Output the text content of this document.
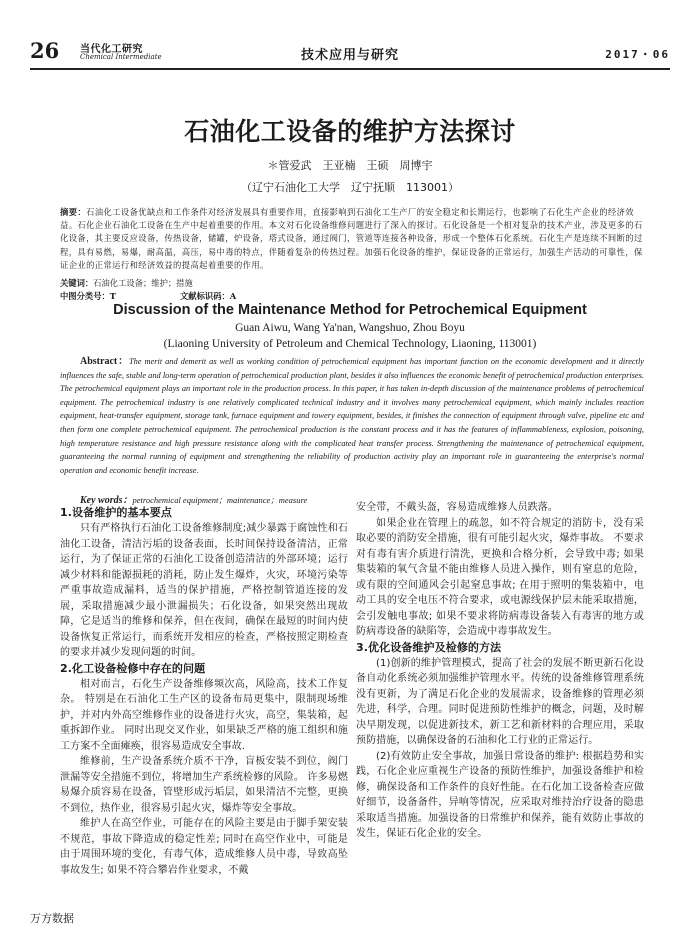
26 当代化工研究
Chemical Intermediate	技术应用与研究	2017・06
石油化工设备的维护方法探讨
＊管爱武　王亚楠　王硕　周博宇
（辽宁石油化工大学　辽宁抚顺　113001）
摘要：石油化工设备优缺点和工作条件对经济发展具有重要作用，直接影响到石油化工生产厂的安全稳定和长期运行，也影响了石化生产企业的经济效益。石化企业石油化工设备在生产中起着重要的作用。本文对石化设备维修问题进行了深入的探讨。石化设备是一个相对复杂的技术产业，涉及更多的石化设备，其主要反应设备，传热设备，储罐，炉设备，塔式设备，通过阀门，管道等连接各种设备，形成一个整体石化系统。石化生产是连续不间断的过程，具有易燃，易爆，耐高温，高压，易中毒的特点，伴随着复杂的传热过程。加强石化设备的维护，保证设备的正常运行，加强生产活动的可靠性，保证企业的正常运行和经济效益的提高起着重要的作用。
关键词：石油化工设备；维护；措施
中图分类号：T	文献标识码：A
Discussion of the Maintenance Method for Petrochemical Equipment
Guan Aiwu, Wang Ya'nan, Wangshuo, Zhou Boyu
(Liaoning University of Petroleum and Chemical Technology, Liaoning, 113001)
Abstract：The merit and demerit as well as working condition of petrochemical equipment has important function on the economic development and it directly influences the safe, stable and long-term operation of petrochemical production plant, besides it also influences the economic benefit of petrochemical production enterprises. The petrochemical equipment plays an important role in the production process. In this paper, it has taken in-depth discussion of the maintenance problems of petrochemical equipment. The petrochemical industry is one relatively complicated technical industry and it involves many petrochemical equipment, which mainly includes reaction equipment, heat-transfer equipment, storage tank, furnace equipment and towery equipment, besides, it finishes the connection of equipment through valve, pipeline etc and then form one complete petrochemical equipment. The petrochemical production is the constant process and it has the features of inflammableness, explosion, poisoning, high temperature resistance and high pressure resistance along with the complicated heat transfer process. Strengthening the maintenance of petrochemical equipment, guaranteeing the normal running of equipment and strengthening the reliability of production activity play an important role in guaranteeing the enterprise's normal operation and economic benefit increase.
Key words：petrochemical equipment；maintenance；measure
1.设备维护的基本要点

只有严格执行石油化工设备维修制度;减少暴露于腐蚀性和石油化工设备，清洁污垢的设备表面，长时间保持设备清洁，正常运行，为了保证正常的石油化工设备创造清洁的外部环境；运行减少材料和能源损耗的消耗，防止发生爆炸，火灾，环境污染等严重事故造成漏料，适当的保护措施，严格控制管道连接的发展，采取措施减少最小泄漏损失；石化设备，如果突然出现故障，它是适当的维修和保养，但在夜间，确保在最短的时间内使设备恢复正常运行，而系统开发相应的检查，严格按照定期检查的要求并减少发现问题的时间。

2.化工设备检修中存在的问题

相对而言，石化生产设备维修频次高，风险高，技术工作复杂。 特别是在石油化工生产区的设备布局更集中，限制现场维护，并对内外高空维修作业的设备进行火灾，高空，集装箱，起重拆卸作业。 同时出现交叉作业，如果缺乏严格的施工组织和施工方案不全面瘫痪，很容易造成安全事故.

维修前，生产设备系统介质不干净，盲板安装不到位，阀门泄漏等安全措施不到位，将增加生产系统检修的风险。 许多易燃易爆介质容易在设备，管壁形成污垢层，如果清洁不完整，更换不到位，热作业，很容易引起火灾，爆炸等安全事故。

维护人在高空作业，可能存在的风险主要是由于脚手架安装不规范，事故下降造成的稳定性差; 同时在高空作业中，可能是由于周围环境的变化，有毒气体，造成维修人员中毒，导致高坠事故发生; 如果不符合攀岩作业要求，不戴

安全带，不戴头盔，容易造成维修人员跌落。

如果企业在管理上的疏忽，如不符合规定的消防卡，没有采取必要的消防安全措施，很有可能引起火灾，爆炸事故。 不要求对有毒有害介质进行清洗，更换和合格分析，会导致中毒; 如果集装箱的氧气含量不能由维修人员进入操作，则有窒息的危险，或有限的空间通风会引起窒息事故; 在用于照明的集装箱中，电动工具的安全电压不符合要求，或电源线保护层未能采取措施，会引发触电事故; 如果不要求将防病毒设备装入有毒害的地方或防病毒设备的缺陷等，会造成中毒事故发生。

3.优化设备维护及检修的方法

(1)创新的维护管理模式，提高了社会的发展不断更新石化设备自动化系统必须加强维护管理水平。传统的设备维修管理系统没有更新，为了满足石化企业的发展需求，设备维修的管理必须先进，科学，合理。同时促进预防性维护的概念，问题，及时解决早期发现，以促进新技术，新工艺和新材料的合理应用，采取预防措施，以确保设备的石油和化工行业的正常运行。

(2)有效防止安全事故，加强日常设备的维护: 根据趋势和实践，石化企业应重视生产设备的预防性维护，加强设备维护和检修，确保设备和工作条件的良好性能。在石化加工设备检查应做好细节，设备备件，异响等情况，应采取对维持治疗设备的隐患采取适当措施。加强设备的日常维护和保养，能有效防止事故的发生，保证石化企业的安全。

万方数据
